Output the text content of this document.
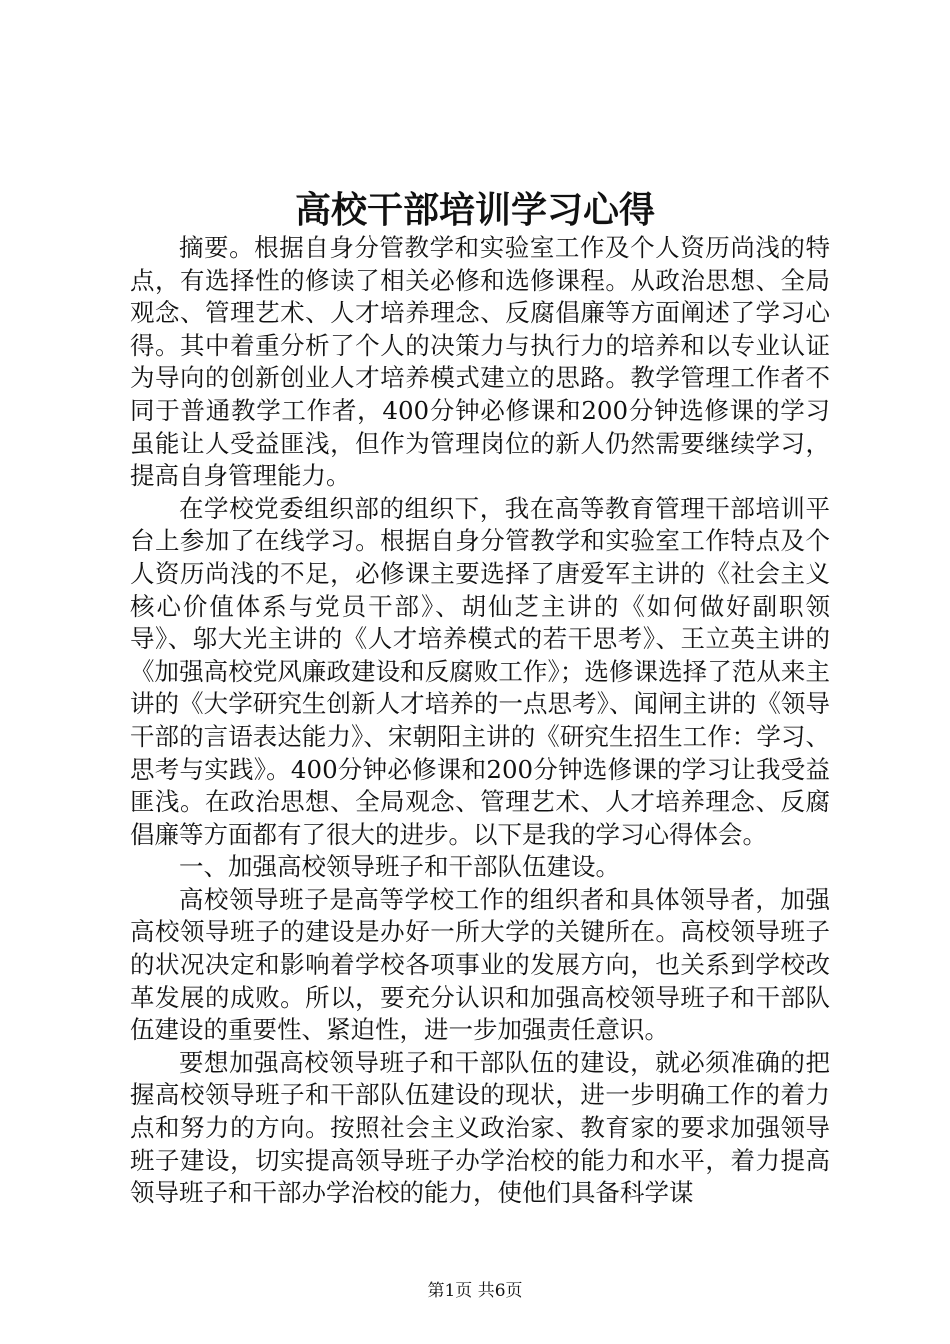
高校干部培训学习心得

摘要。根据自身分管教学和实验室工作及个人资历尚浅的特点，有选择性的修读了相关必修和选修课程。从政治思想、全局观念、管理艺术、人才培养理念、反腐倡廉等方面阐述了学习心得。其中着重分析了个人的决策力与执行力的培养和以专业认证为导向的创新创业人才培养模式建立的思路。教学管理工作者不同于普通教学工作者，400分钟必修课和200分钟选修课的学习虽能让人受益匪浅，但作为管理岗位的新人仍然需要继续学习，提高自身管理能力。

在学校党委组织部的组织下，我在高等教育管理干部培训平台上参加了在线学习。根据自身分管教学和实验室工作特点及个人资历尚浅的不足，必修课主要选择了唐爱军主讲的《社会主义核心价值体系与党员干部》、胡仙芝主讲的《如何做好副职领导》、邬大光主讲的《人才培养模式的若干思考》、王立英主讲的《加强高校党风廉政建设和反腐败工作》；选修课选择了范从来主讲的《大学研究生创新人才培养的一点思考》、闻闸主讲的《领导干部的言语表达能力》、宋朝阳主讲的《研究生招生工作：学习、思考与实践》。400分钟必修课和200分钟选修课的学习让我受益匪浅。在政治思想、全局观念、管理艺术、人才培养理念、反腐倡廉等方面都有了很大的进步。以下是我的学习心得体会。

一、加强高校领导班子和干部队伍建设。

高校领导班子是高等学校工作的组织者和具体领导者，加强高校领导班子的建设是办好一所大学的关键所在。高校领导班子的状况决定和影响着学校各项事业的发展方向，也关系到学校改革发展的成败。所以，要充分认识和加强高校领导班子和干部队伍建设的重要性、紧迫性，进一步加强责任意识。

要想加强高校领导班子和干部队伍的建设，就必须准确的把握高校领导班子和干部队伍建设的现状，进一步明确工作的着力点和努力的方向。按照社会主义政治家、教育家的要求加强领导班子建设，切实提高领导班子办学治校的能力和水平，着力提高领导班子和干部办学治校的能力，使他们具备科学谋

第1页 共6页
